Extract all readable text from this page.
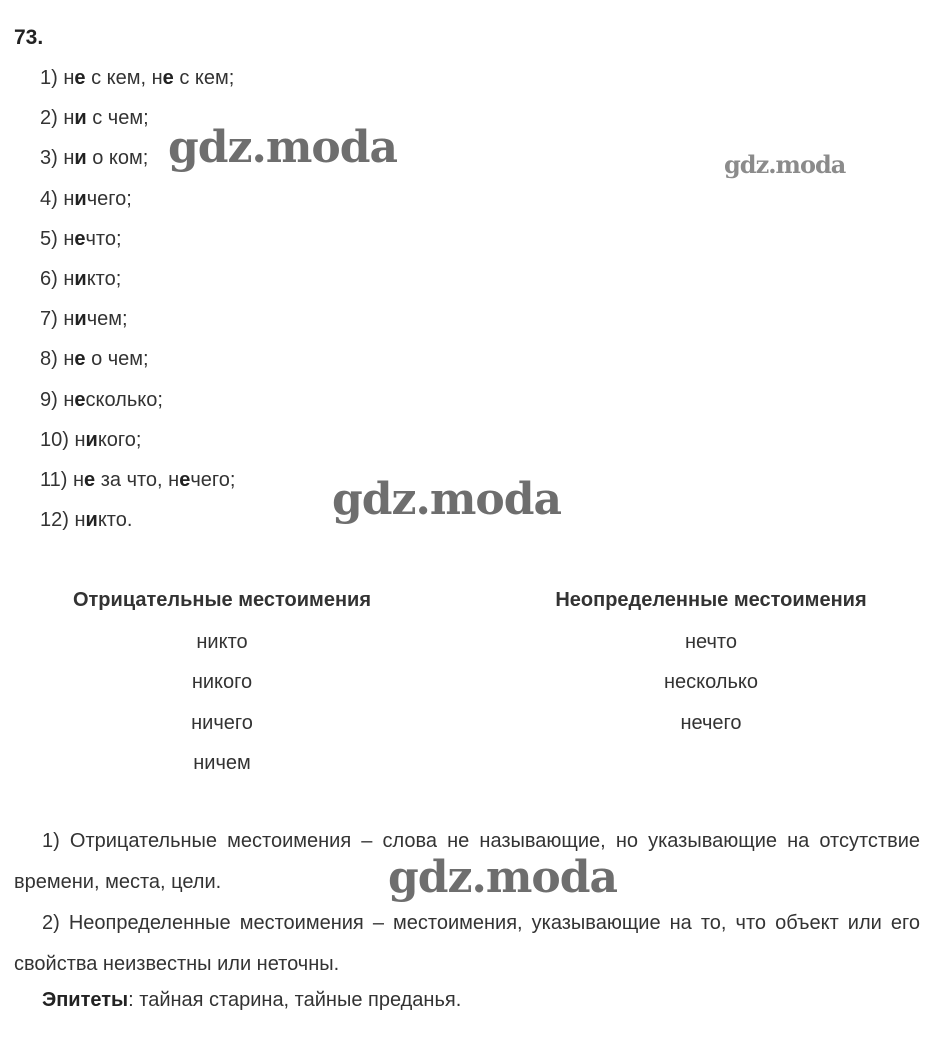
73.
1) не с кем, не с кем;
2) ни с чем;
3) ни о ком;
4) ничего;
5) нечто;
6) никто;
7) ничем;
8) не о чем;
9) несколько;
10) никого;
11) не за что, нечего;
12) никто.
Отрицательные местоимения
никто
никого
ничего
ничем
Неопределенные местоимения
нечто
несколько
нечего

1) Отрицательные местоимения – слова не называющие, но указывающие на отсутствие времени, места, цели.

2) Неопределенные местоимения – местоимения, указывающие на то, что объект или его свойства неизвестны или неточны.

Эпитеты: тайная старина, тайные преданья.
gdz.moda	gdz.moda
gdz.moda
gdz.moda
